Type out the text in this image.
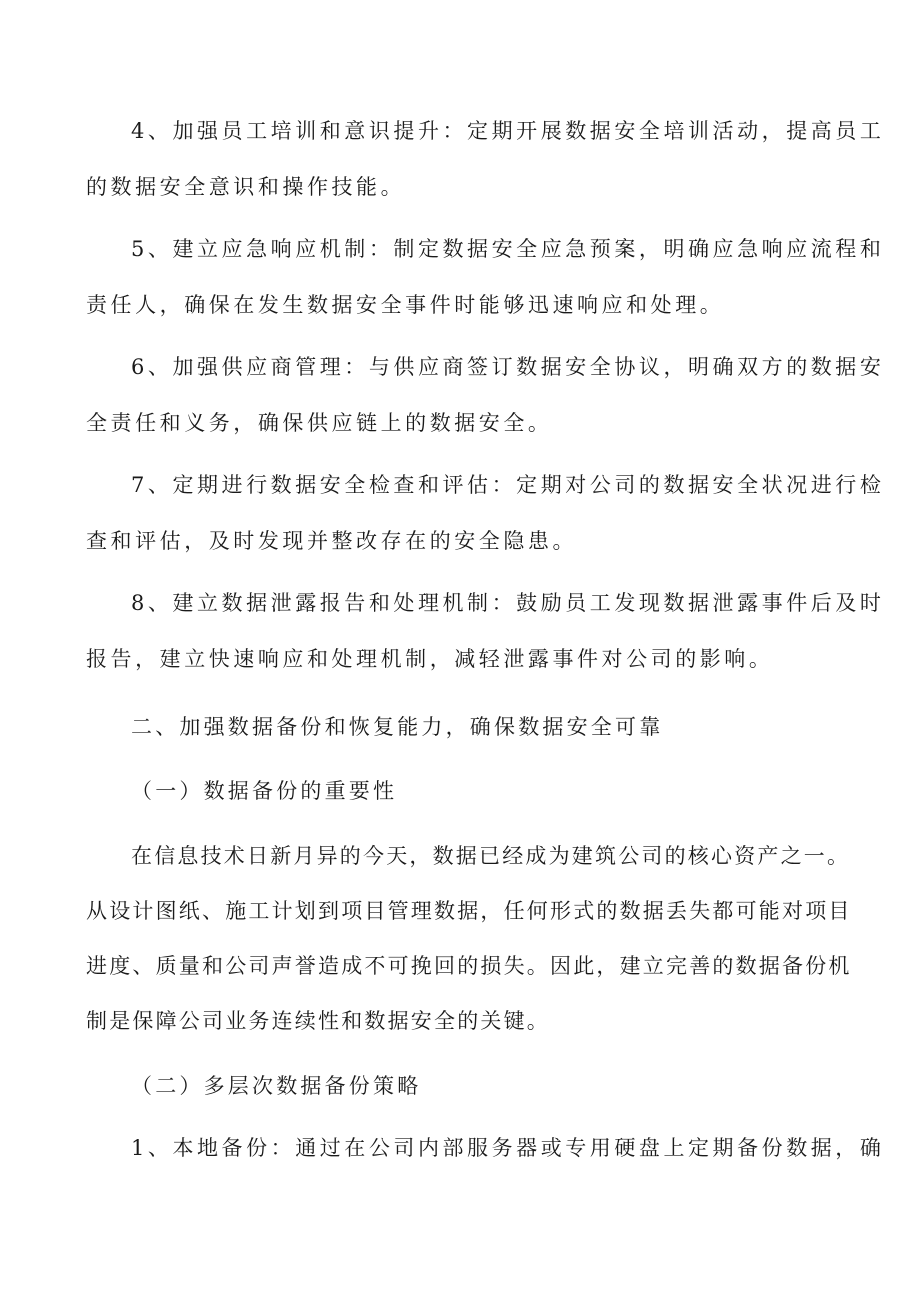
4、加强员工培训和意识提升：定期开展数据安全培训活动，提高员工
的数据安全意识和操作技能。
5、建立应急响应机制：制定数据安全应急预案，明确应急响应流程和
责任人，确保在发生数据安全事件时能够迅速响应和处理。
6、加强供应商管理：与供应商签订数据安全协议，明确双方的数据安
全责任和义务，确保供应链上的数据安全。
7、定期进行数据安全检查和评估：定期对公司的数据安全状况进行检
查和评估，及时发现并整改存在的安全隐患。
8、建立数据泄露报告和处理机制：鼓励员工发现数据泄露事件后及时
报告，建立快速响应和处理机制，减轻泄露事件对公司的影响。
二、加强数据备份和恢复能力，确保数据安全可靠
（一）数据备份的重要性
在信息技术日新月异的今天，数据已经成为建筑公司的核心资产之一。
从设计图纸、施工计划到项目管理数据，任何形式的数据丢失都可能对项目
进度、质量和公司声誉造成不可挽回的损失。因此，建立完善的数据备份机
制是保障公司业务连续性和数据安全的关键。
（二）多层次数据备份策略
1、本地备份：通过在公司内部服务器或专用硬盘上定期备份数据，确
